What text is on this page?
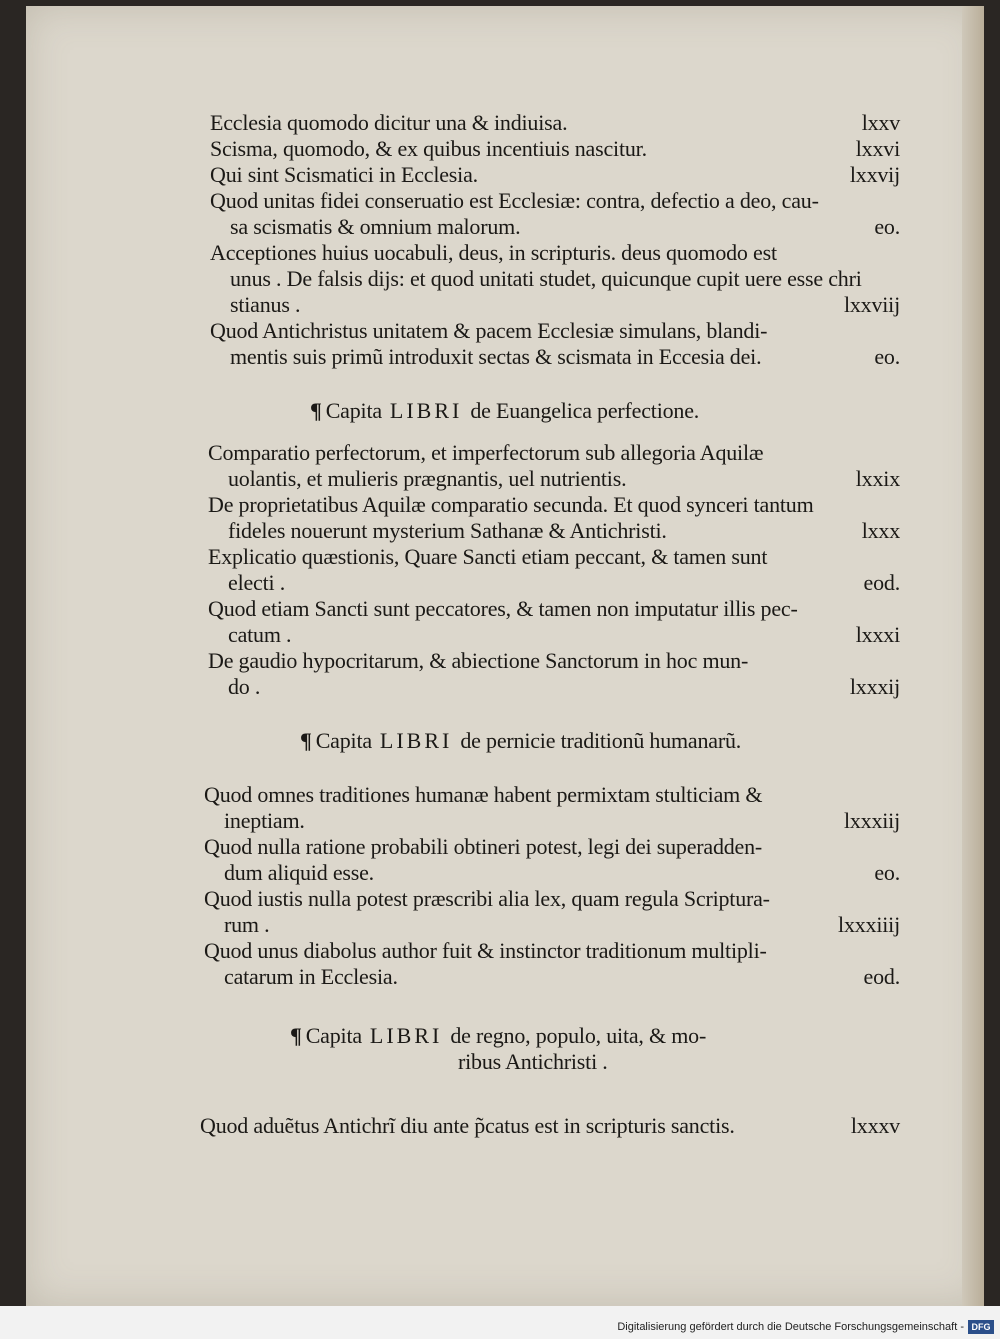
Ecclesia quomodo dicitur una & indiuisa.	lxxv
Scisma, quomodo, & ex quibus incentiuis nascitur.	lxxvi
Qui sint Scismatici in Ecclesia.	lxxvij
Quod unitas fidei conseruatio est Ecclesiæ: contra, defectio a deo, cau-
sa scismatis & omnium malorum.	eo.
Acceptiones huius uocabuli, deus, in scripturis. deus quomodo est
unus . De falsis dijs: et quod unitati studet, quicunque cupit uere esse chri
stianus .	lxxviij
Quod Antichristus unitatem & pacem Ecclesiæ simulans, blandi-
mentis suis primũ introduxit sectas & scismata in Eccesia dei.	eo.
¶ Capita LIBRI de Euangelica perfectione.
Comparatio perfectorum, et imperfectorum sub allegoria Aquilæ
uolantis, et mulieris prægnantis, uel nutrientis.	lxxix
De proprietatibus Aquilæ comparatio secunda. Et quod synceri tantum
fideles nouerunt mysterium Sathanæ & Antichristi.	lxxx
Explicatio quæstionis, Quare Sancti etiam peccant, & tamen sunt
electi .	eod.
Quod etiam Sancti sunt peccatores, & tamen non imputatur illis pec-
catum .	lxxxi
De gaudio hypocritarum, & abiectione Sanctorum in hoc mun-
do .	lxxxij
¶ Capita LIBRI de pernicie traditionũ humanarũ.
Quod omnes traditiones humanæ habent permixtam stulticiam &
ineptiam.	lxxxiij
Quod nulla ratione probabili obtineri potest, legi dei superadden-
dum aliquid esse.	eo.
Quod iustis nulla potest præscribi alia lex, quam regula Scriptura-
rum .	lxxxiiij
Quod unus diabolus author fuit & instinctor traditionum multipli-
catarum in Ecclesia.	eod.
¶ Capita LIBRI de regno, populo, uita, & mo-
ribus Antichristi .
Quod aduẽtus Antichrĩ diu ante p̃catus est in scripturis sanctis.	lxxxv
Digitalisierung gefördert durch die Deutsche Forschungsgemeinschaft - DFG
